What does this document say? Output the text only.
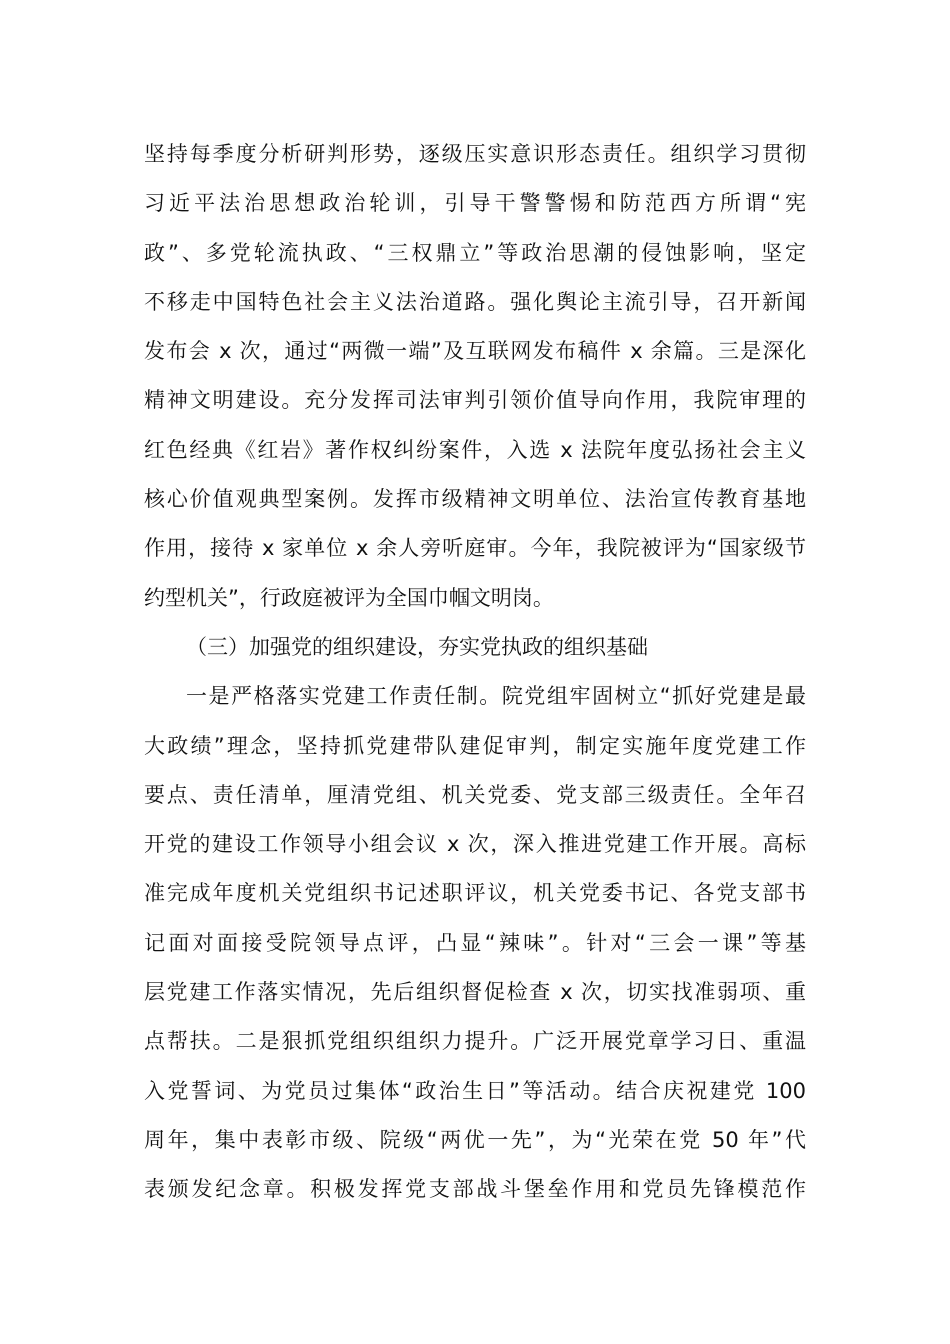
坚持每季度分析研判形势，逐级压实意识形态责任。组织学习贯彻
习近平法治思想政治轮训，引导干警警惕和防范西方所谓“宪
政”、多党轮流执政、“三权鼎立”等政治思潮的侵蚀影响，坚定
不移走中国特色社会主义法治道路。强化舆论主流引导，召开新闻
发布会 x 次，通过“两微一端”及互联网发布稿件 x 余篇。三是深化
精神文明建设。充分发挥司法审判引领价值导向作用，我院审理的
红色经典《红岩》著作权纠纷案件，入选 x 法院年度弘扬社会主义
核心价值观典型案例。发挥市级精神文明单位、法治宣传教育基地
作用，接待 x 家单位 x 余人旁听庭审。今年，我院被评为“国家级节
约型机关”，行政庭被评为全国巾帼文明岗。
（三）加强党的组织建设，夯实党执政的组织基础
一是严格落实党建工作责任制。院党组牢固树立“抓好党建是最
大政绩”理念，坚持抓党建带队建促审判，制定实施年度党建工作
要点、责任清单，厘清党组、机关党委、党支部三级责任。全年召
开党的建设工作领导小组会议 x 次，深入推进党建工作开展。高标
准完成年度机关党组织书记述职评议，机关党委书记、各党支部书
记面对面接受院领导点评，凸显“辣味”。针对“三会一课”等基
层党建工作落实情况，先后组织督促检查 x 次，切实找准弱项、重
点帮扶。二是狠抓党组织组织力提升。广泛开展党章学习日、重温
入党誓词、为党员过集体“政治生日”等活动。结合庆祝建党 100
周年，集中表彰市级、院级“两优一先”，为“光荣在党 50 年”代
表颁发纪念章。积极发挥党支部战斗堡垒作用和党员先锋模范作
